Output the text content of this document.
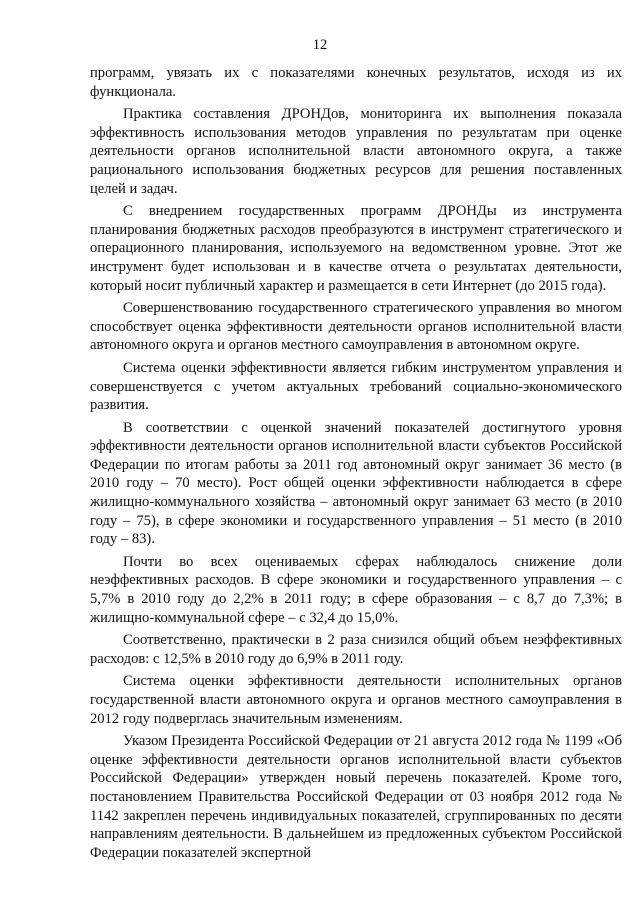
12

программ, увязать их с показателями конечных результатов, исходя из их функционала.

Практика составления ДРОНДов, мониторинга их выполнения показала эффективность использования методов управления по результатам при оценке деятельности органов исполнительной власти автономного округа, а также рационального использования бюджетных ресурсов для решения поставленных целей и задач.

С внедрением государственных программ ДРОНДы из инструмента планирования бюджетных расходов преобразуются в инструмент стратегического и операционного планирования, используемого на ведомственном уровне. Этот же инструмент будет использован и в качестве отчета о результатах деятельности, который носит публичный характер и размещается в сети Интернет (до 2015 года).

Совершенствованию государственного стратегического управления во многом способствует оценка эффективности деятельности органов исполнительной власти автономного округа и органов местного самоуправления в автономном округе.

Система оценки эффективности является гибким инструментом управления и совершенствуется с учетом актуальных требований социально-экономического развития.

В соответствии с оценкой значений показателей достигнутого уровня эффективности деятельности органов исполнительной власти субъектов Российской Федерации по итогам работы за 2011 год автономный округ занимает 36 место (в 2010 году – 70 место). Рост общей оценки эффективности наблюдается в сфере жилищно-коммунального хозяйства – автономный округ занимает 63 место (в 2010 году – 75), в сфере экономики и государственного управления – 51 место (в 2010 году – 83).

Почти во всех оцениваемых сферах наблюдалось снижение доли неэффективных расходов. В сфере экономики и государственного управления – с 5,7% в 2010 году до 2,2% в 2011 году; в сфере образования – с 8,7 до 7,3%; в жилищно-коммунальной сфере – с 32,4 до 15,0%.

Соответственно, практически в 2 раза снизился общий объем неэффективных расходов: с 12,5% в 2010 году до 6,9% в 2011 году.

Система оценки эффективности деятельности исполнительных органов государственной власти автономного округа и органов местного самоуправления в 2012 году подверглась значительным изменениям.

Указом Президента Российской Федерации от 21 августа 2012 года № 1199 «Об оценке эффективности деятельности органов исполнительной власти субъектов Российской Федерации» утвержден новый перечень показателей. Кроме того, постановлением Правительства Российской Федерации от 03 ноября 2012 года № 1142 закреплен перечень индивидуальных показателей, сгруппированных по десяти направлениям деятельности. В дальнейшем из предложенных субъектом Российской Федерации показателей экспертной
